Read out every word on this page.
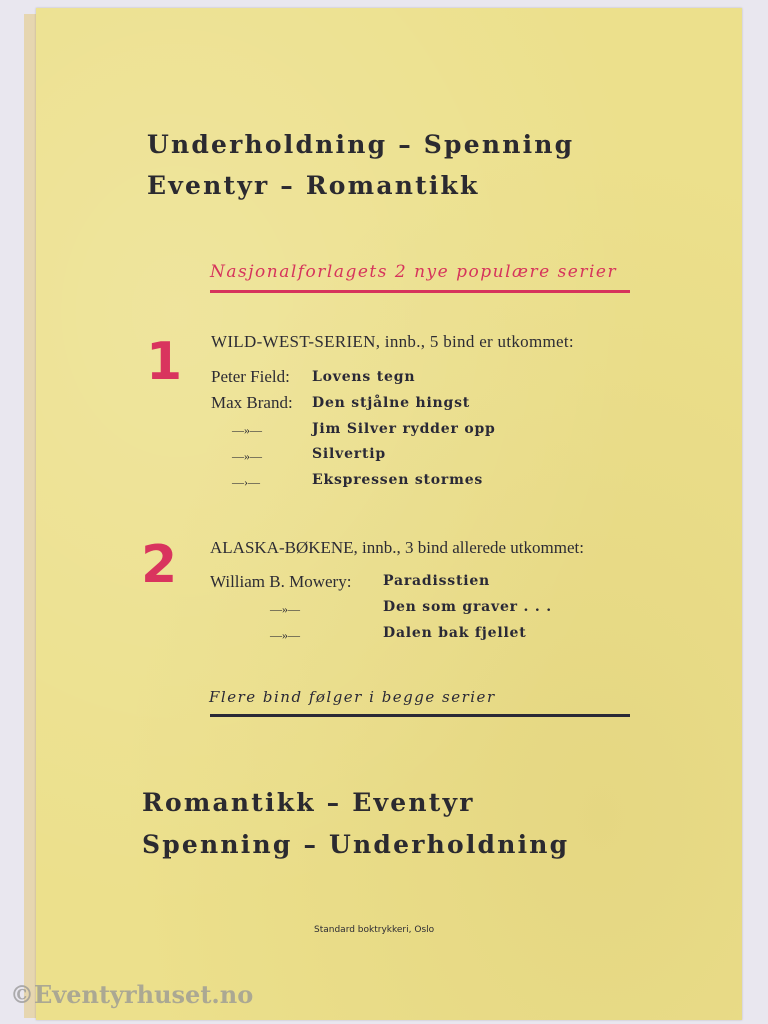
Underholdning – Spenning
Eventyr – Romantikk
Nasjonalforlagets 2 nye populære serier
1 WILD-WEST-SERIEN, innb., 5 bind er utkommet:
Peter Field: Lovens tegn
Max Brand: Den stjålne hingst
—»—	Jim Silver rydder opp
—»—	Silvertip
—›—	Ekspressen stormes
2 ALASKA-BØKENE, innb., 3 bind allerede utkommet:
William B. Mowery: Paradisstien
—»—	Den som graver . . .
—»—	Dalen bak fjellet
Flere bind følger i begge serier
Romantikk – Eventyr
Spenning – Underholdning
Standard boktrykkeri, Oslo
©Eventyrhuset.no
